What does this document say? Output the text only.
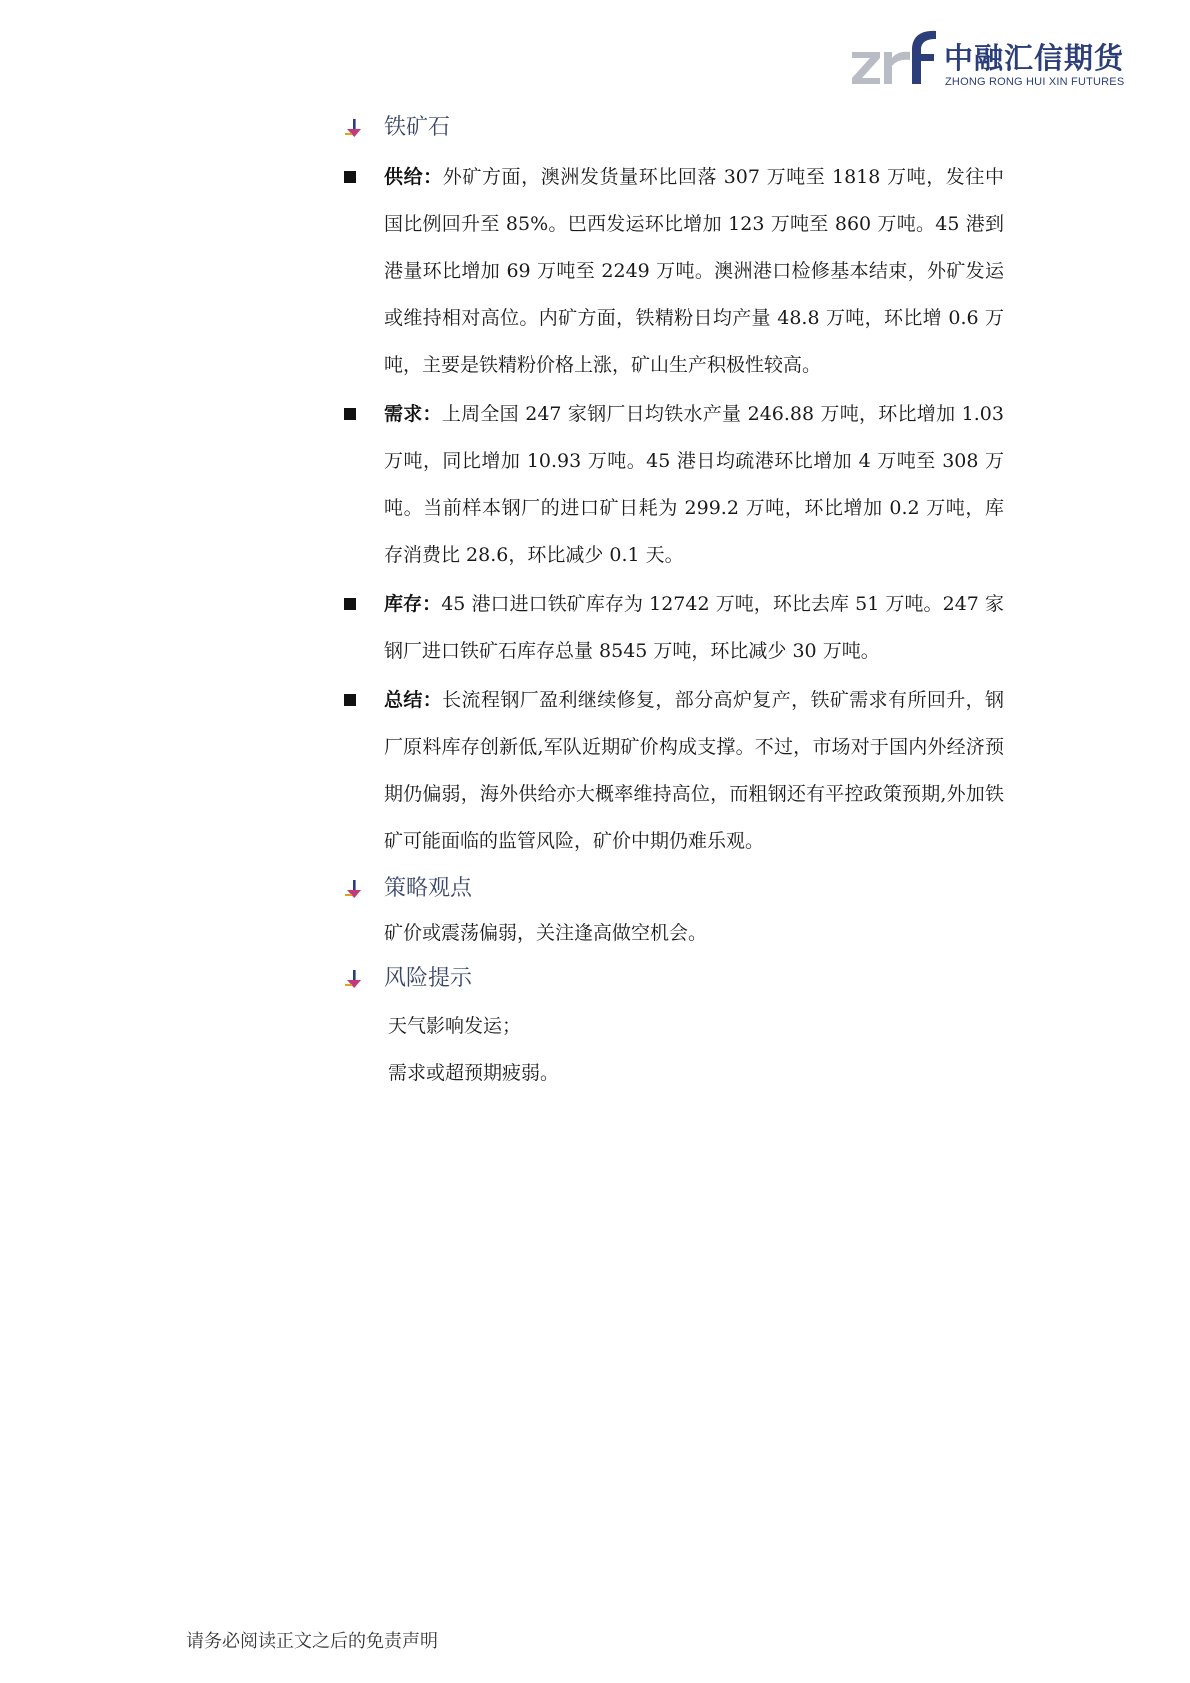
中融汇信期货
ZHONG RONG HUI XIN FUTURES
铁矿石
供给：外矿方面，澳洲发货量环比回落 307 万吨至 1818 万吨，发往中国比例回升至 85%。巴西发运环比增加 123 万吨至 860 万吨。45 港到港量环比增加 69 万吨至 2249 万吨。澳洲港口检修基本结束，外矿发运或维持相对高位。内矿方面，铁精粉日均产量 48.8 万吨，环比增 0.6 万吨，主要是铁精粉价格上涨，矿山生产积极性较高。
需求：上周全国 247 家钢厂日均铁水产量 246.88 万吨，环比增加 1.03 万吨，同比增加 10.93 万吨。45 港日均疏港环比增加 4 万吨至 308 万吨。当前样本钢厂的进口矿日耗为 299.2 万吨，环比增加 0.2 万吨，库存消费比 28.6，环比减少 0.1 天。
库存：45 港口进口铁矿库存为 12742 万吨，环比去库 51 万吨。247 家钢厂进口铁矿石库存总量 8545 万吨，环比减少 30 万吨。
总结：长流程钢厂盈利继续修复，部分高炉复产，铁矿需求有所回升，钢厂原料库存创新低,军队近期矿价构成支撑。不过，市场对于国内外经济预期仍偏弱，海外供给亦大概率维持高位，而粗钢还有平控政策预期,外加铁矿可能面临的监管风险，矿价中期仍难乐观。
策略观点
矿价或震荡偏弱，关注逢高做空机会。
风险提示
天气影响发运；
需求或超预期疲弱。
请务必阅读正文之后的免责声明
